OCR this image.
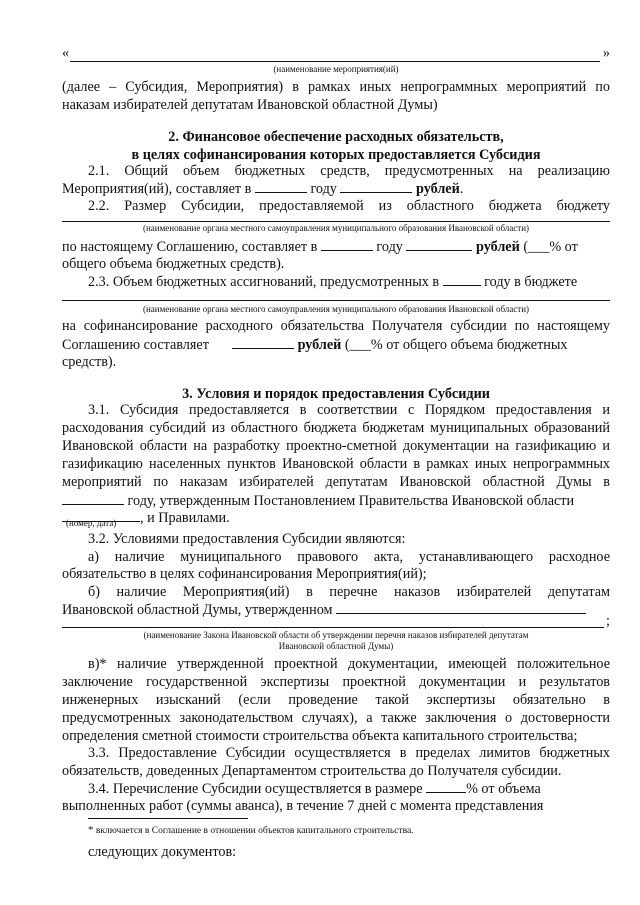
«	»
(наименование мероприятия(ий)
(далее – Субсидия, Мероприятия) в рамках иных непрограммных мероприятий по
наказам избирателей депутатам Ивановской областной Думы)
2. Финансовое обеспечение расходных обязательств,
в целях софинансирования которых предоставляется Субсидия
2.1. Общий объем бюджетных средств, предусмотренных на реализацию
Мероприятия(ий), составляет в	году	рублей.
2.2. Размер Субсидии, предоставляемой из областного бюджета бюджету
(наименование органа местного самоуправления муниципального образования Ивановской области)
по настоящему Соглашению, составляет в	году	рублей (___% от
общего объема бюджетных средств).
2.3. Объем бюджетных ассигнований, предусмотренных в	году в бюджете
(наименование органа местного самоуправления муниципального образования Ивановской области)
на софинансирование расходного обязательства Получателя субсидии по настоящему
Соглашению составляет	рублей (___% от общего объема бюджетных
средств).
3. Условия и порядок предоставления Субсидии
3.1. Субсидия предоставляется в соответствии с Порядком предоставления и
расходования субсидий из областного бюджета бюджетам муниципальных образований
Ивановской области на разработку проектно-сметной документации на газификацию и
газификацию населенных пунктов Ивановской области в рамках иных непрограммных
мероприятий по наказам избирателей депутатам Ивановской областной Думы в
году, утвержденным Постановлением Правительства Ивановской области
, и Правилами.
(номер, дата)
3.2. Условиями предоставления Субсидии являются:
а) наличие муниципального правового акта, устанавливающего расходное
обязательство в целях софинансирования Мероприятия(ий);
б) наличие Мероприятия(ий) в перечне наказов избирателей депутатам
Ивановской областной Думы, утвержденном
;
(наименование Закона Ивановской области об утверждении перечня наказов избирателей депутатам
Ивановской областной Думы)
в)* наличие утвержденной проектной документации, имеющей положительное
заключение государственной экспертизы проектной документации и результатов
инженерных изысканий (если проведение такой экспертизы обязательно в
предусмотренных законодательством случаях), а также заключения о достоверности
определения сметной стоимости строительства объекта капитального строительства;
3.3. Предоставление Субсидии осуществляется в пределах лимитов бюджетных
обязательств, доведенных Департаментом строительства до Получателя субсидии.
3.4. Перечисление Субсидии осуществляется в размере	% от объема
выполненных работ (суммы аванса), в течение 7 дней с момента представления
* включается в Соглашение в отношении объектов капитального строительства.
следующих документов:
